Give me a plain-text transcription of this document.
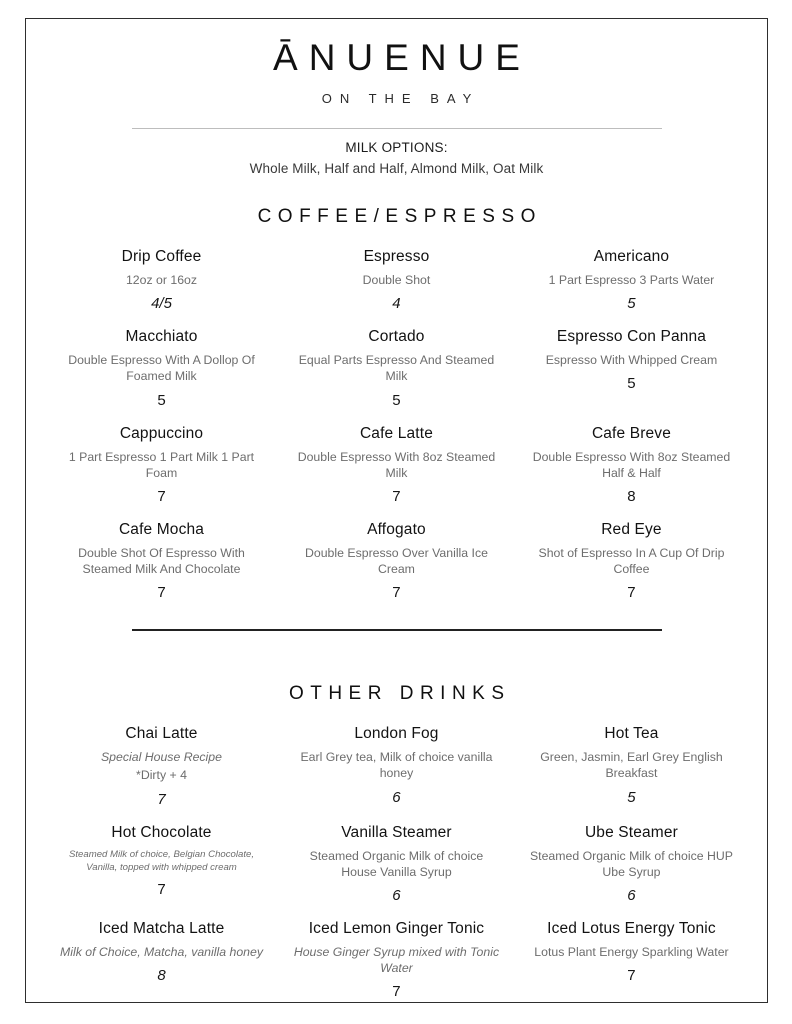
ĀNUENUE
ON THE BAY
MILK OPTIONS:
Whole Milk, Half and Half, Almond Milk, Oat Milk
COFFEE/ESPRESSO
Drip Coffee
12oz or 16oz
4/5
Espresso
Double Shot
4
Americano
1 Part Espresso 3 Parts Water
5
Macchiato
Double Espresso With A Dollop Of Foamed Milk
5
Cortado
Equal Parts Espresso And Steamed Milk
5
Espresso Con Panna
Espresso With Whipped Cream
5
Cappuccino
1 Part Espresso 1 Part Milk 1 Part Foam
7
Cafe Latte
Double Espresso With 8oz Steamed Milk
7
Cafe Breve
Double Espresso With 8oz Steamed Half & Half
8
Cafe Mocha
Double Shot Of Espresso With Steamed Milk And Chocolate
7
Affogato
Double Espresso Over Vanilla Ice Cream
7
Red Eye
Shot of Espresso In A Cup Of Drip Coffee
7
OTHER DRINKS
Chai Latte
Special House Recipe
*Dirty + 4
7
London Fog
Earl Grey tea, Milk of choice vanilla honey
6
Hot Tea
Green, Jasmin, Earl Grey English Breakfast
5
Hot Chocolate
Steamed Milk of choice, Belgian Chocolate, Vanilla, topped with whipped cream
7
Vanilla Steamer
Steamed Organic Milk of choice House Vanilla Syrup
6
Ube Steamer
Steamed Organic Milk of choice HUP Ube Syrup
6
Iced Matcha Latte
Milk of Choice, Matcha, vanilla honey
8
Iced Lemon Ginger Tonic
House Ginger Syrup mixed with Tonic Water
7
Iced Lotus Energy Tonic
Lotus Plant Energy Sparkling Water
7
